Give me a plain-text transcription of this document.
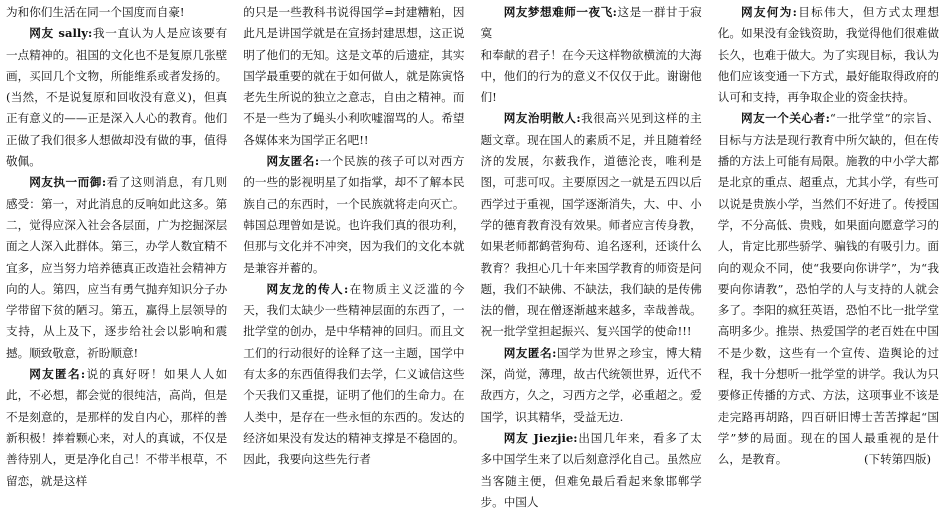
为和你们生活在同一个国度而自豪!

网友 sally:我一直认为人是应该要有一点精神的。祖国的文化也不是复原几张壁画，买回几个文物，所能维系或者发扬的。(当然，不是说复原和回收没有意义)，但真正有意义的——正是深入人心的教育。他们正做了我们很多人想做却没有做的事，值得敬佩。

网友执一而御:看了这则消息，有几则感受：第一，对此消息的反响如此这多。第二，觉得应深入社会各层面，广为挖掘深层面之人深入此群体。第三，办学人数宜精不宜多，应当努力培养德真正改造社会精神方向的人。第四，应当有勇气抛弃知识分子办学带留下贫的陋习。第五，赢得上层领导的支持，从上及下，逐步给社会以影响和震撼。顺致敬意，祈盼顺意!

网友匿名:说的真好呀！如果人人如此，不必想，都会觉的很纯洁，高尚，但是不是刻意的，是那样的发自内心，那样的善新积极！捧着颗心来，对人的真诚，不仅是善待别人，更是净化自己！不带半根草，不留恋，就是这样

的只是一些教科书说得国学=封建糟粕，因此凡是讲国学就是在宣扬封建思想，这正说明了他们的无知。这是文革的后遗症，其实国学最重要的就在于如何做人，就是陈寅恪老先生所说的独立之意志，自由之精神。而不是一些为了蝇头小利吹嘘溜骂的人。希望各媒体来为国学正名吧!!

网友匿名:一个民族的孩子可以对西方的一些的影视明星了如指掌，却不了解本民族自己的东西时，一个民族就将走向灭亡。韩国总理曾如是说。也许我们真的很功利，但那与文化并不冲突，因为我们的文化本就是兼容并蓄的。

网友龙的传人:在物质主义泛滥的今天，我们太缺少一些精神层面的东西了，一批学堂的创办，是中华精神的回归。而且文工们的行动很好的诠释了这一主题，国学中有太多的东西值得我们去学，仁义诚信这些个天我们又重提，证明了他们的生命力。在人类中，是存在一些永恒的东西的。发达的经济如果没有发达的精神支撑是不稳固的。因此，我要向这些先行者

网友梦想难师一夜飞:这是一群甘于寂寞

和奉献的君子！在今天这样物欲横流的大海中，他们的行为的意义不仅仅于此。谢谢他们!

网友治明散人:我很高兴见到这样的主题文章。现在国人的素质不足，并且随着经济的发展，尔薮我作，道德沦丧，唯利是图，可悲可叹。主要原因之一就是五四以后西学过于重视，国学逐渐消失，大、中、小学的德育教育没有效果。师者应言传身教，如果老师都鹤菅狗苟、追名逐利，还谈什么教育？我担心几十年来国学教育的师资是问题，我们不缺佛、不缺法，我们缺的是传佛法的僧，现在僧逐渐越来越多，幸哉善哉。祝一批学堂担起振兴、复兴国学的使命!!!

网友匿名:国学为世界之珍宝，博大精深，尚觉，薄理，故古代统领世界，近代不敌西方，久之，习西方之学，必重超之。爱国学，识其精华，受益无边.

网友 Jiezjie:出国几年来，看多了太多中国学生来了以后刻意浮化自己。虽然应当客随主便，但难免最后看起来象邯郸学步。中国人

网友何为:目标伟大，但方式太理想化。如果没有金钱资助，我觉得他们很难做长久，也难于做大。为了实现目标，我认为他们应该变通一下方式，最好能取得政府的认可和支持，再争取企业的资金扶持。

网友一个关心者:“一批学堂”的宗旨、目标与方法是现行教育中所欠缺的，但在传播的方法上可能有局限。施教的中小学大都是北京的重点、超重点，尤其小学，有些可以说是贵族小学，当然们不好进了。传授国学，不分高低、贵贱，如果面向愿意学习的人，肯定比那些骄学、骗钱的有吸引力。面向的观众不同，使“我要向你讲学”，为“我要向你请教”，恐怕学的人与支持的人就会多了。李阳的疯狂英语，恐怕不比一批学堂高明多少。推崇、热爱国学的老百姓在中国不是少数，这些有一个宣传、造舆论的过程，我十分想听一批学堂的讲学。我认为只要修正传播的方式、方法，这项事业不该是走完路再胡路，四百研旧博士苦苦撑起“国学”梦的局面。现在的国人最重视的是什么，是教育。	(下转第四版)
